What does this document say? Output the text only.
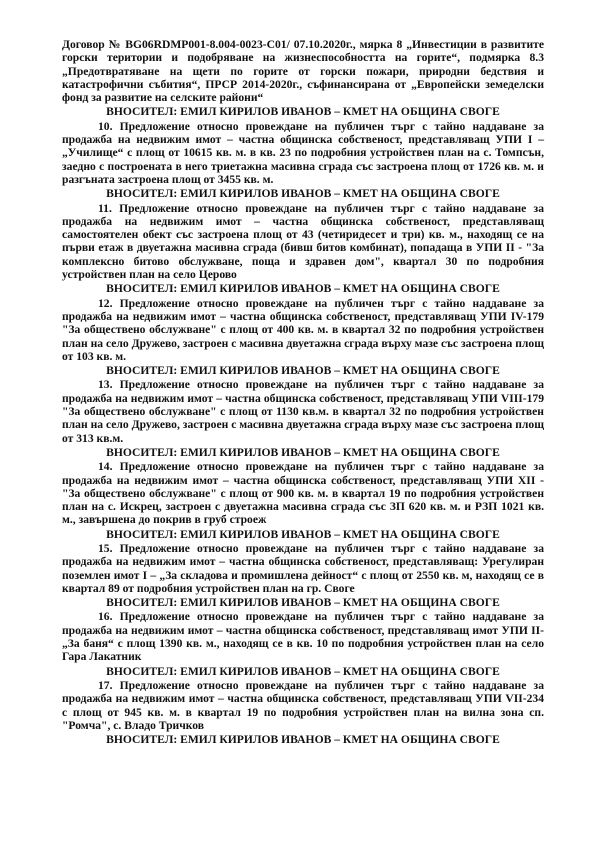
Договор № BG06RDMP001-8.004-0023-С01/ 07.10.2020г., мярка 8 „Инвестиции в развитите горски територии и подобряване на жизнеспособността на горите“, подмярка 8.3 „Предотвратяване на щети по горите от горски пожари, природни бедствия и катастрофични събития“, ПРСР 2014-2020г., съфинансирана от „Европейски земеделски фонд за развитие на селските райони“

ВНОСИТЕЛ: ЕМИЛ КИРИЛОВ ИВАНОВ – КМЕТ НА ОБЩИНА СВОГЕ

10. Предложение относно провеждане на публичен търг с тайно наддаване за продажба на недвижим имот – частна общинска собственост, представляващ УПИ I – „Училище“ с площ от 10615 кв. м. в кв. 23 по подробния устройствен план на с. Томпсън, заедно с построената в него триетажна масивна сграда със застроена площ от 1726 кв. м. и разгъната застроена площ от 3455 кв. м.

ВНОСИТЕЛ: ЕМИЛ КИРИЛОВ ИВАНОВ – КМЕТ НА ОБЩИНА СВОГЕ

11. Предложение относно провеждане на публичен търг с тайно наддаване за продажба на недвижим имот – частна общинска собственост, представляващ самостоятелен обект със застроена площ от 43 (четиридесет и три) кв. м., находящ се на първи етаж в двуетажна масивна сграда (бивш битов комбинат), попадаща в УПИ II - "За комплексно битово обслужване, поща и здравен дом", квартал 30 по подробния устройствен план на село Церово

ВНОСИТЕЛ: ЕМИЛ КИРИЛОВ ИВАНОВ – КМЕТ НА ОБЩИНА СВОГЕ

12. Предложение относно провеждане на публичен търг с тайно наддаване за продажба на недвижим имот – частна общинска собственост, представляващ УПИ IV-179 "За обществено обслужване" с площ от 400 кв. м. в квартал 32 по подробния устройствен план на село Дружево, застроен с масивна двуетажна сграда върху мазе със застроена площ от 103 кв. м.

ВНОСИТЕЛ: ЕМИЛ КИРИЛОВ ИВАНОВ – КМЕТ НА ОБЩИНА СВОГЕ

13. Предложение относно провеждане на публичен търг с тайно наддаване за продажба на недвижим имот – частна общинска собственост, представляващ УПИ VIII-179 "За обществено обслужване" с площ от 1130 кв.м. в квартал 32 по подробния устройствен план на село Дружево, застроен с масивна двуетажна сграда върху мазе със застроена площ от 313 кв.м.

ВНОСИТЕЛ: ЕМИЛ КИРИЛОВ ИВАНОВ – КМЕТ НА ОБЩИНА СВОГЕ

14. Предложение относно провеждане на публичен търг с тайно наддаване за продажба на недвижим имот – частна общинска собственост, представляващ УПИ XII - "За обществено обслужване" с площ от 900 кв. м. в квартал 19 по подробния устройствен план на с. Искрец, застроен с двуетажна масивна сграда със ЗП 620 кв. м. и РЗП 1021 кв. м., завършена до покрив в груб строеж

ВНОСИТЕЛ: ЕМИЛ КИРИЛОВ ИВАНОВ – КМЕТ НА ОБЩИНА СВОГЕ

15. Предложение относно провеждане на публичен търг с тайно наддаване за продажба на недвижим имот – частна общинска собственост, представляващ: Урегулиран поземлен имот I – „За складова и промишлена дейност“ с площ от 2550 кв. м, находящ се в квартал 89 от подробния устройствен план на гр. Своге

ВНОСИТЕЛ: ЕМИЛ КИРИЛОВ ИВАНОВ – КМЕТ НА ОБЩИНА СВОГЕ

16. Предложение относно провеждане на публичен търг с тайно наддаване за продажба на недвижим имот – частна общинска собственост, представляващ имот УПИ II-„За баня“ с площ 1390 кв. м., находящ се в кв. 10 по подробния устройствен план на село Гара Лакатник

ВНОСИТЕЛ: ЕМИЛ КИРИЛОВ ИВАНОВ – КМЕТ НА ОБЩИНА СВОГЕ

17. Предложение относно провеждане на публичен търг с тайно наддаване за продажба на недвижим имот – частна общинска собственост, представляващ УПИ VII-234 с площ от 945 кв. м. в квартал 19 по подробния устройствен план на вилна зона сп. "Ромча", с. Владо Тричков

ВНОСИТЕЛ: ЕМИЛ КИРИЛОВ ИВАНОВ – КМЕТ НА ОБЩИНА СВОГЕ
